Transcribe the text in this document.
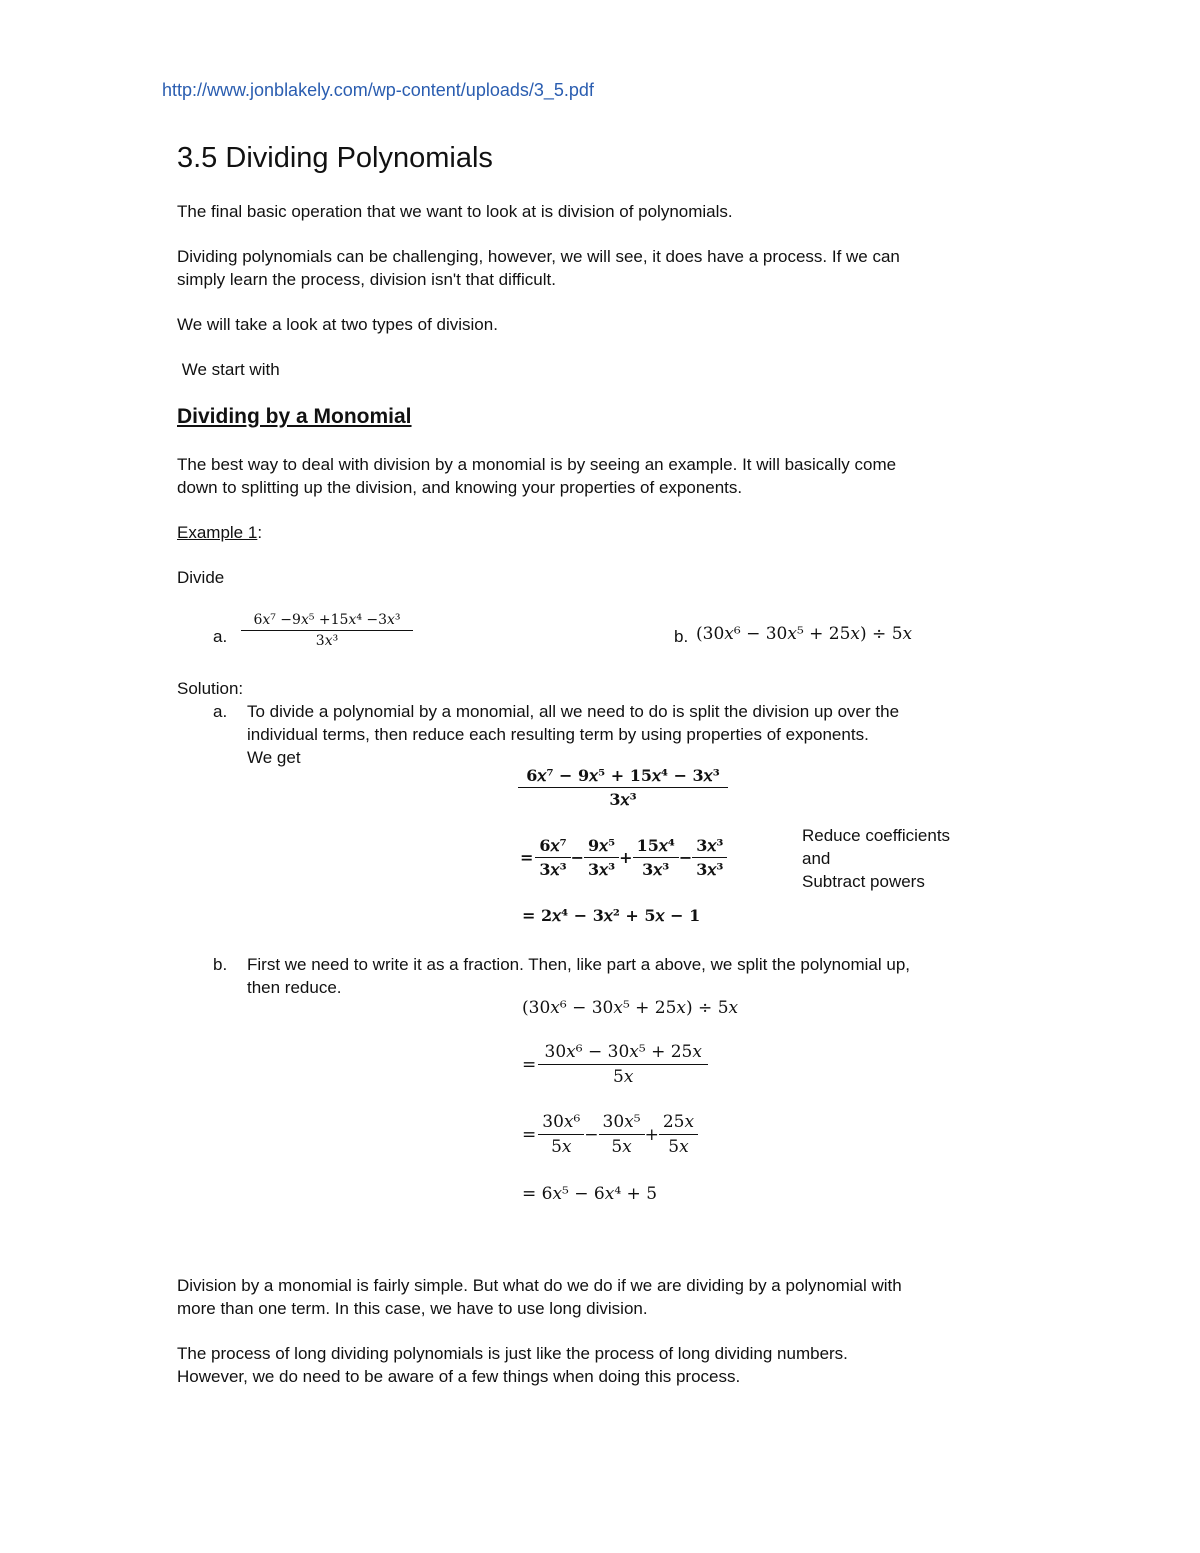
http://www.jonblakely.com/wp-content/uploads/3_5.pdf
3.5 Dividing Polynomials
The final basic operation that we want to look at is division of polynomials.
Dividing polynomials can be challenging, however, we will see, it does have a process. If we can
simply learn the process, division isn't that difficult.
We will take a look at two types of division.
We start with
Dividing by a Monomial
The best way to deal with division by a monomial is by seeing an example. It will basically come
down to splitting up the division, and knowing your properties of exponents.
Example 1:
Divide
a. $\frac{\text{6𝑥⁷ −9𝑥⁵ +15𝑥⁴ −3𝑥³}}{\text{3𝑥³}}$	b. (30𝑥⁶ − 30𝑥⁵ + 25𝑥) ÷ 5𝑥
Solution:
a. To divide a polynomial by a monomial, all we need to do is split the division up over the
individual terms, then reduce each resulting term by using properties of exponents.
We get
$\frac{\text{6𝑥⁷ − 9𝑥⁵ + 15𝑥⁴ − 3𝑥³}}{\text{3𝑥³}}$
= $\frac{\text{6𝑥⁷}}{\text{3𝑥³}} - \frac{\text{9𝑥⁵}}{\text{3𝑥³}} + \frac{\text{15𝑥⁴}}{\text{3𝑥³}} - \frac{\text{3𝑥³}}{\text{3𝑥³}}$
Reduce coefficients
and
Subtract powers
= 2𝑥⁴ − 3𝑥² + 5𝑥 − 1
b. First we need to write it as a fraction. Then, like part a above, we split the polynomial up,
then reduce.
(30𝑥⁶ − 30𝑥⁵ + 25𝑥) ÷ 5𝑥
= $\frac{\text{30𝑥⁶ − 30𝑥⁵ + 25𝑥}}{\text{5𝑥}}$
= $\frac{\text{30𝑥⁶}}{\text{5𝑥}} - \frac{\text{30𝑥⁵}}{\text{5𝑥}} + \frac{\text{25𝑥}}{\text{5𝑥}}$
= 6𝑥⁵ − 6𝑥⁴ + 5
Division by a monomial is fairly simple. But what do we do if we are dividing by a polynomial with
more than one term. In this case, we have to use long division.
The process of long dividing polynomials is just like the process of long dividing numbers.
However, we do need to be aware of a few things when doing this process.
